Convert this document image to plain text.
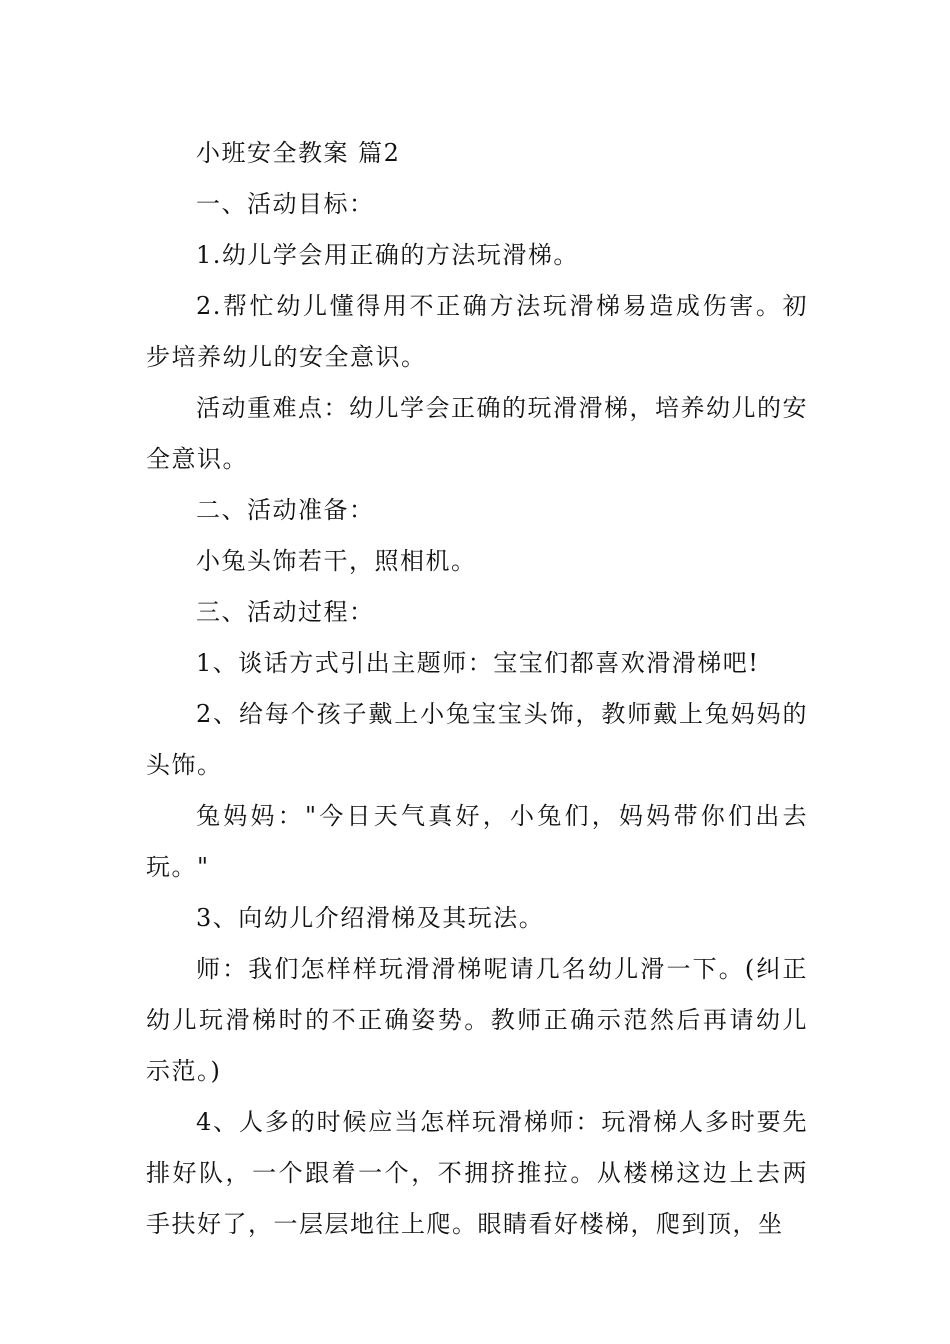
小班安全教案 篇2

一、活动目标：

1.幼儿学会用正确的方法玩滑梯。

2.帮忙幼儿懂得用不正确方法玩滑梯易造成伤害。初步培养幼儿的安全意识。

活动重难点：幼儿学会正确的玩滑滑梯，培养幼儿的安全意识。

二、活动准备：

小兔头饰若干，照相机。

三、活动过程：

1、谈话方式引出主题师：宝宝们都喜欢滑滑梯吧!

2、给每个孩子戴上小兔宝宝头饰，教师戴上兔妈妈的头饰。

兔妈妈："今日天气真好，小兔们，妈妈带你们出去玩。"

3、向幼儿介绍滑梯及其玩法。

师：我们怎样样玩滑滑梯呢请几名幼儿滑一下。(纠正幼儿玩滑梯时的不正确姿势。教师正确示范然后再请幼儿示范。)

4、人多的时候应当怎样玩滑梯师：玩滑梯人多时要先排好队，一个跟着一个，不拥挤推拉。从楼梯这边上去两手扶好了，一层层地往上爬。眼睛看好楼梯，爬到顶，坐
